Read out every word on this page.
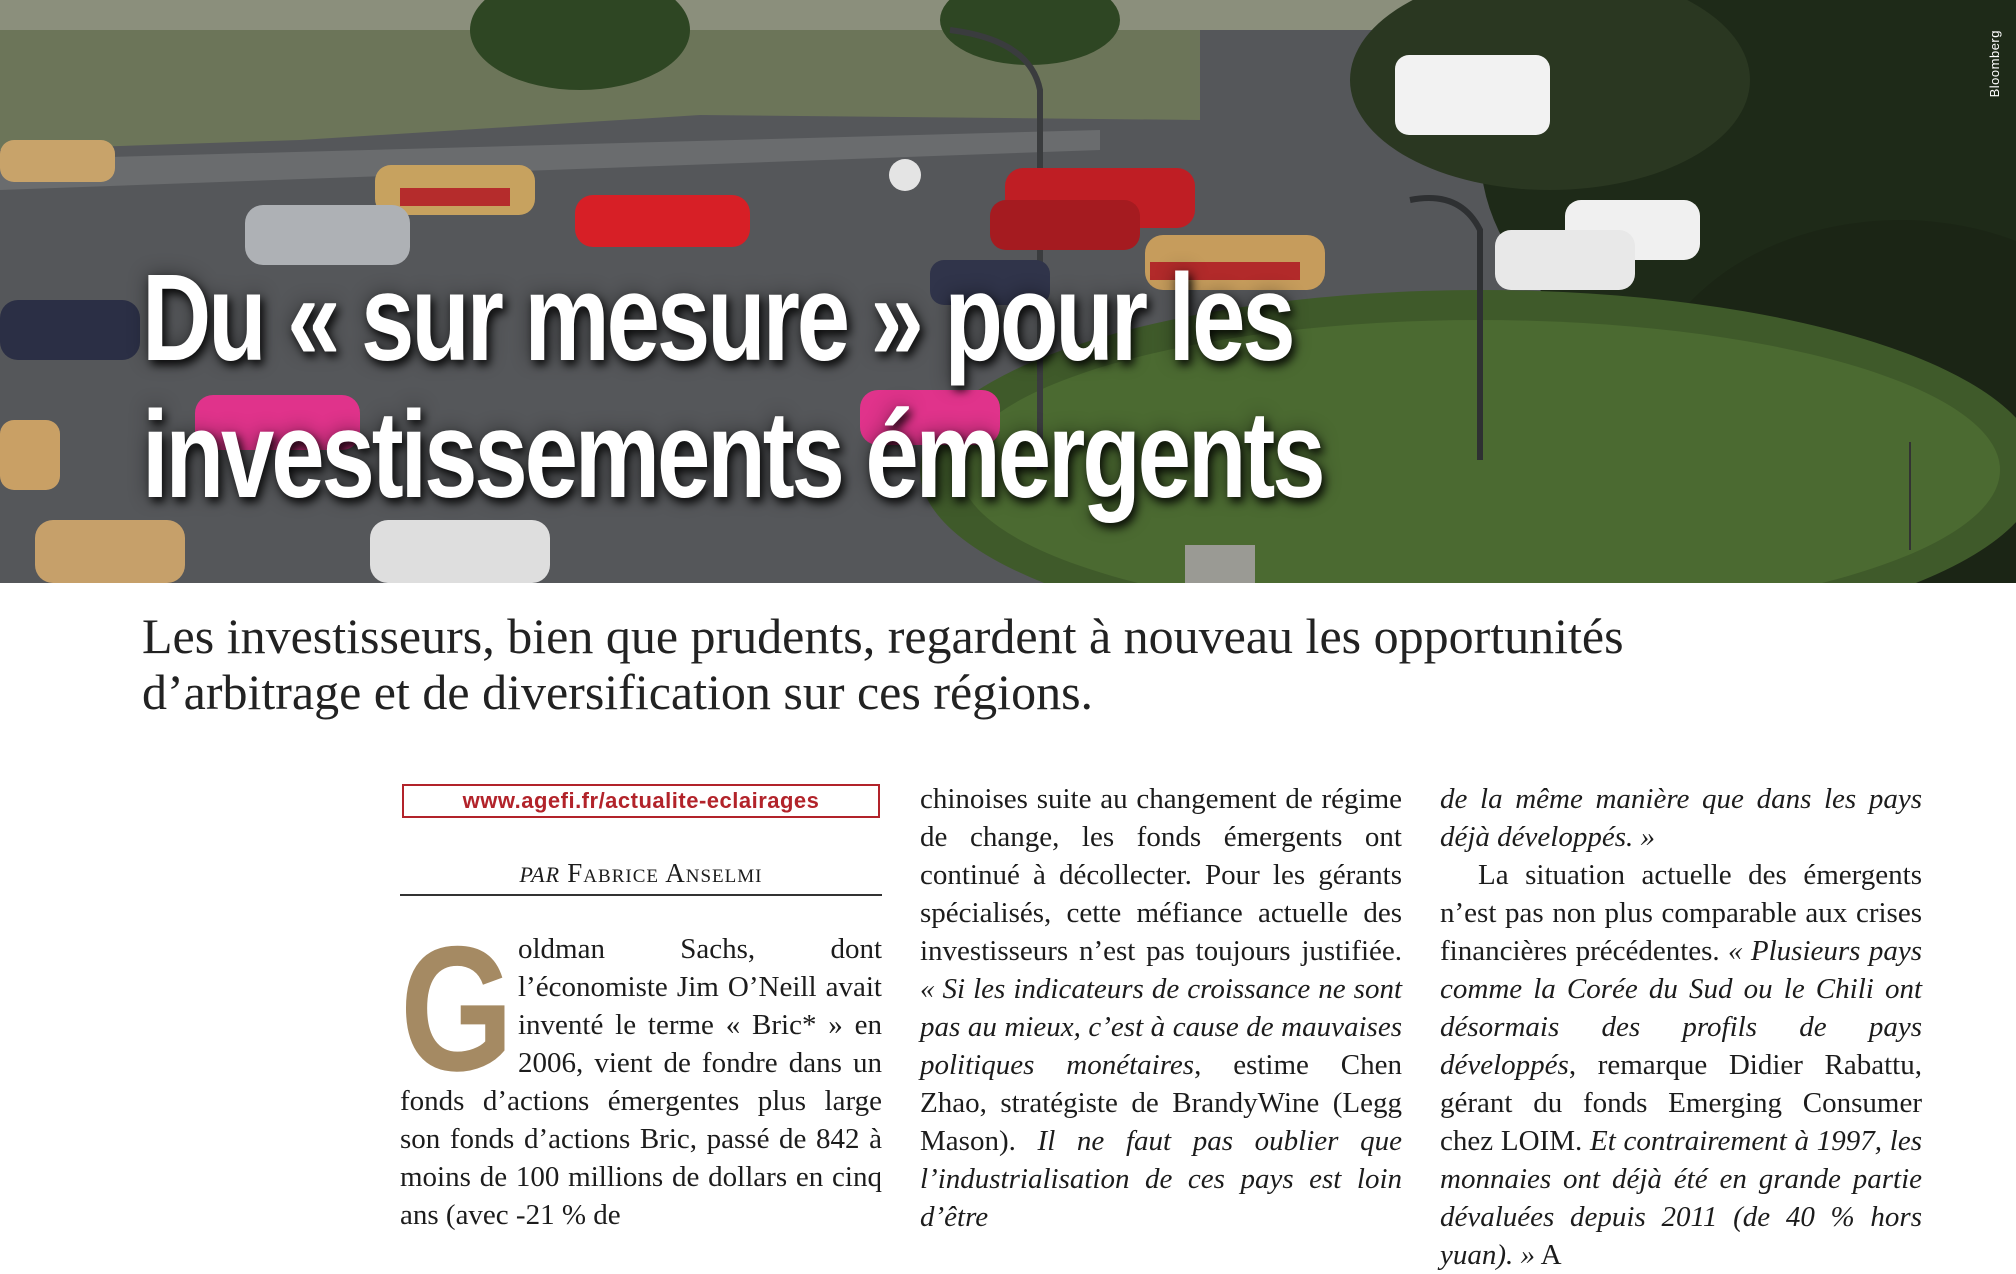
Bloomberg
Du « sur mesure » pour les
investissements émergents

Les investisseurs, bien que prudents, regardent à nouveau les opportunités
d’arbitrage et de diversification sur ces régions.

www.agefi.fr/actualite-eclairages
PAR Fabrice Anselmi
G oldman Sachs, dont l’économiste Jim O’Neill avait inventé le terme « Bric* » en 2006, vient de fondre dans un fonds d’actions émergentes plus large son fonds d’actions Bric, passé de 842 à moins de 100 millions de dollars en cinq ans (avec -21 % de

chinoises suite au changement de régime de change, les fonds émergents ont continué à décollecter. Pour les gérants spécialisés, cette méfiance actuelle des investisseurs n’est pas toujours justifiée. « Si les indicateurs de croissance ne sont pas au mieux, c’est à cause de mauvaises politiques monétaires, estime Chen Zhao, stratégiste de BrandyWine (Legg Mason). Il ne faut pas oublier que l’industrialisation de ces pays est loin d’être

de la même manière que dans les pays déjà développés. »

La situation actuelle des émergents n’est pas non plus comparable aux crises financières précédentes. « Plusieurs pays comme la Corée du Sud ou le Chili ont désormais des profils de pays développés, remarque Didier Rabattu, gérant du fonds Emerging Consumer chez LOIM. Et contrairement à 1997, les monnaies ont déjà été en grande partie dévaluées depuis 2011 (de 40 % hors yuan). » A
